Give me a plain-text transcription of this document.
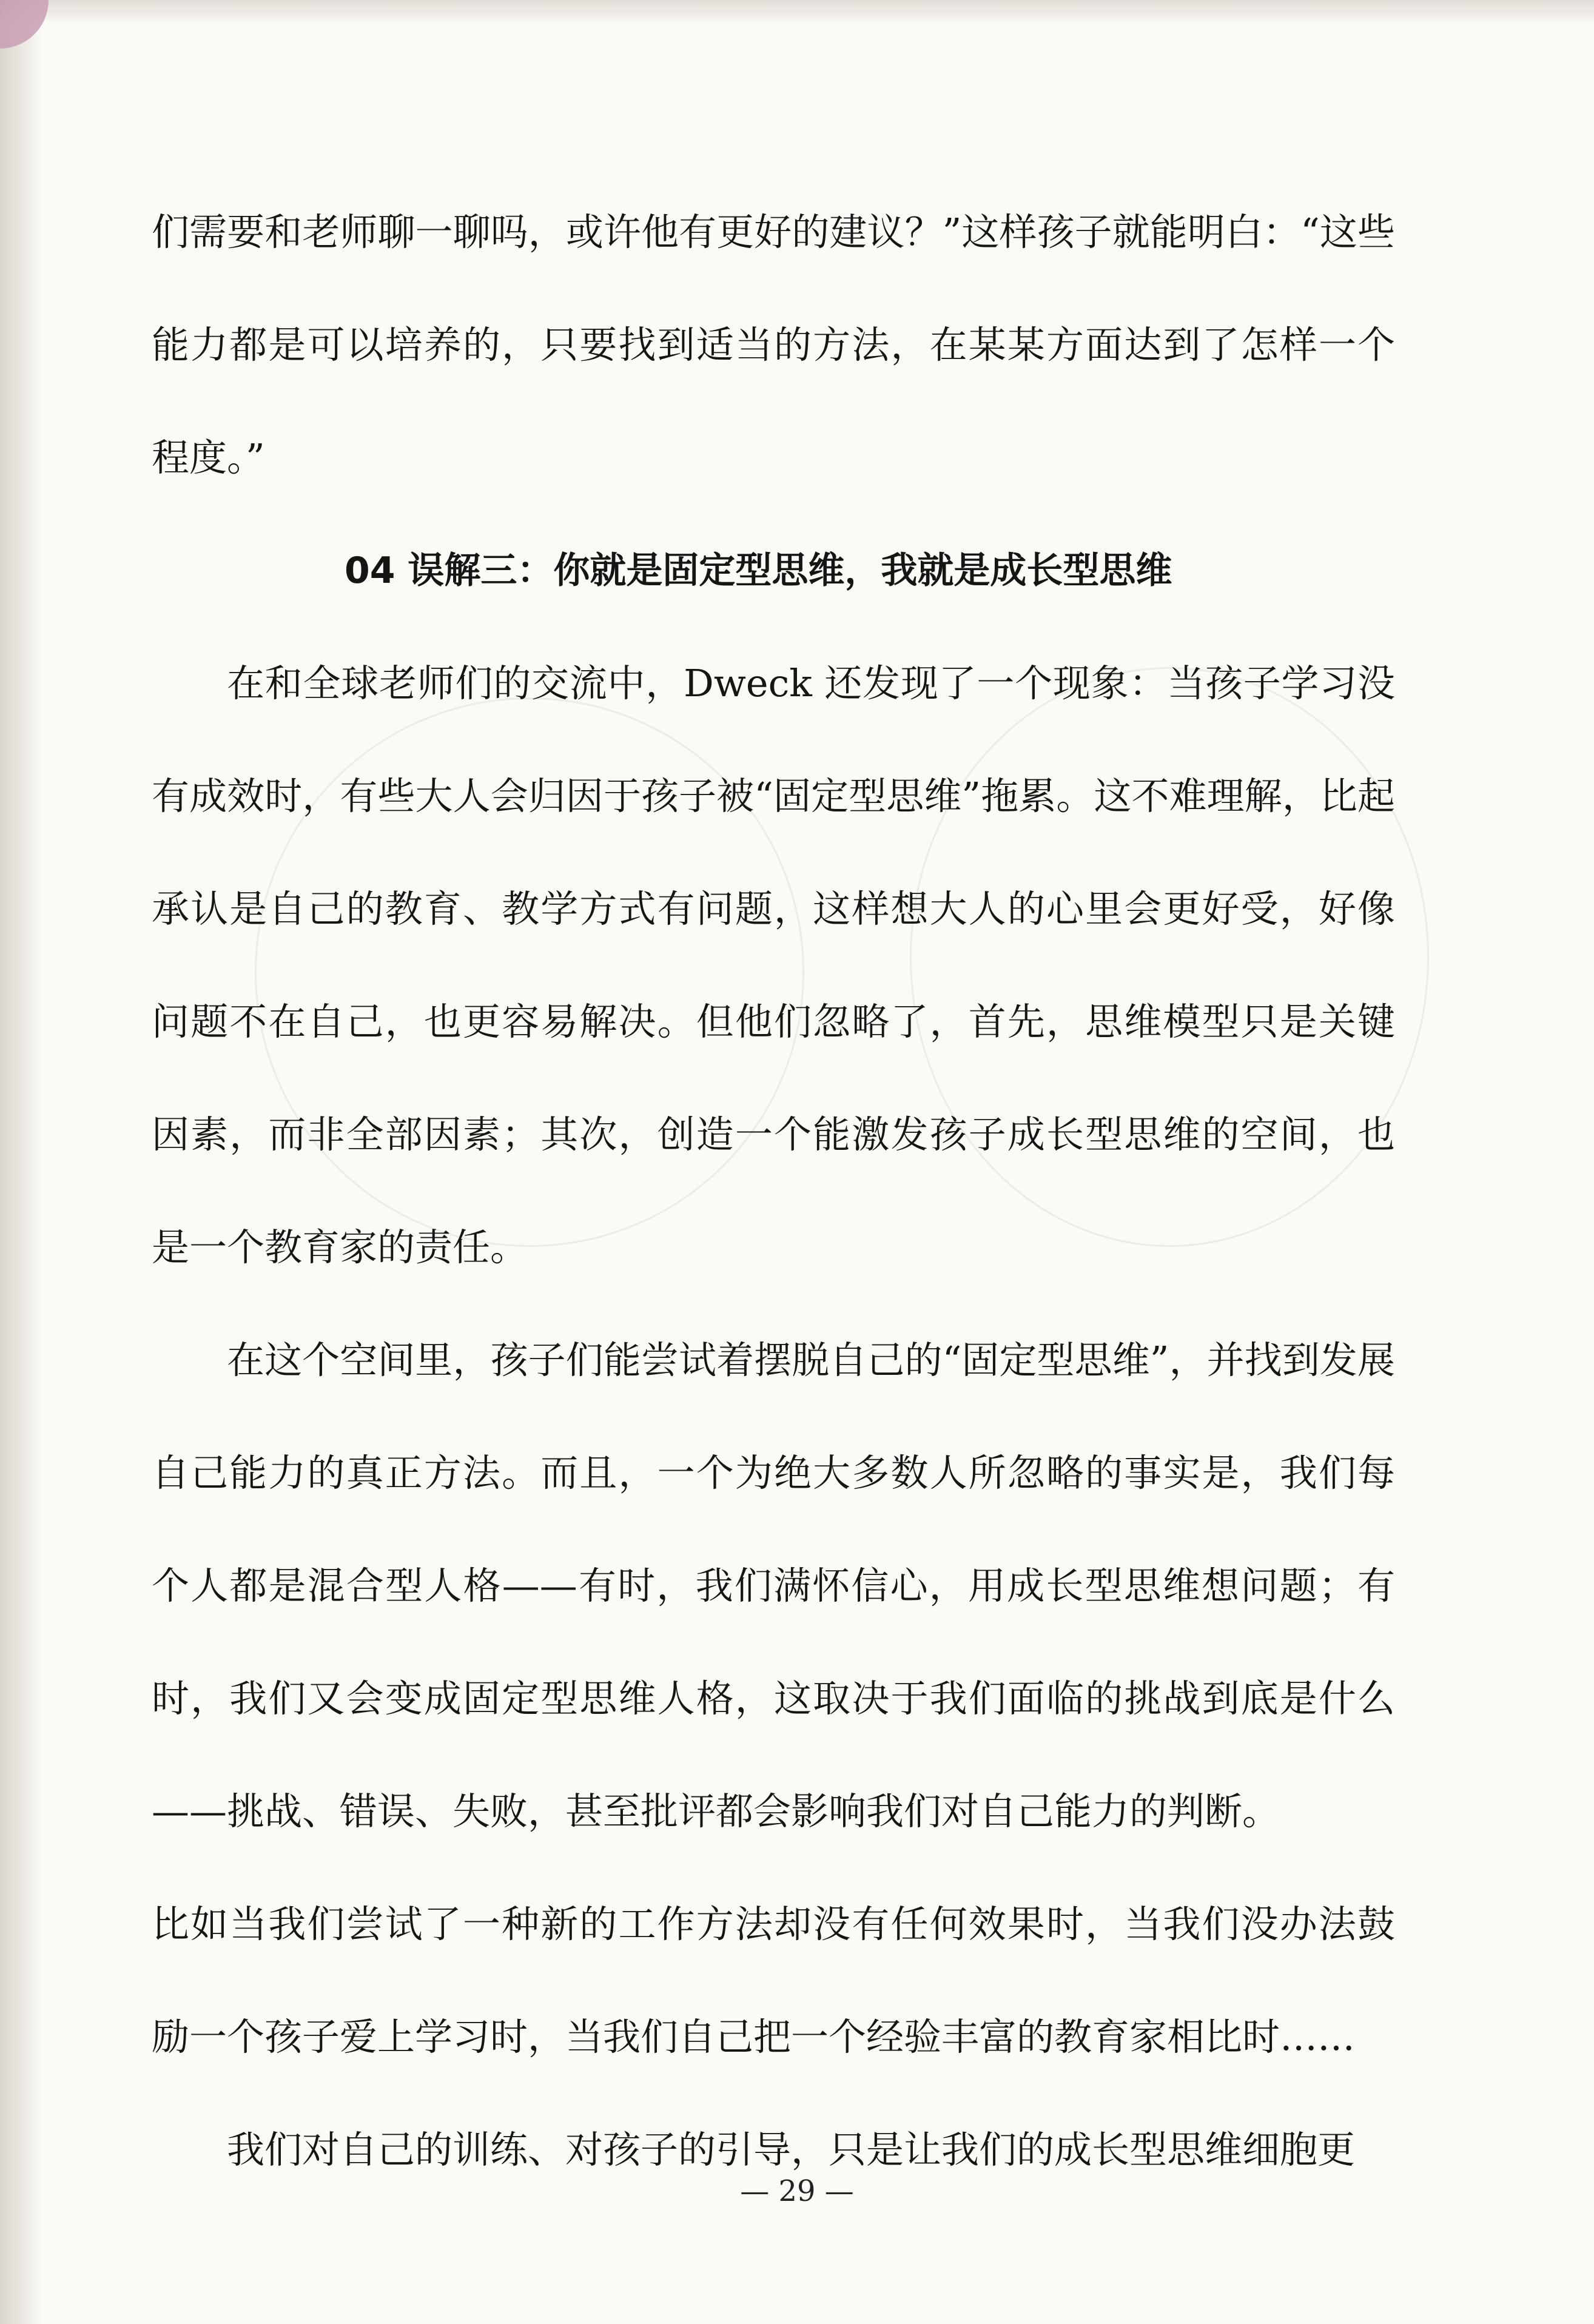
们需要和老师聊一聊吗，或许他有更好的建议？”这样孩子就能明白：“这些
能力都是可以培养的，只要找到适当的方法，在某某方面达到了怎样一个
程度。”
04 误解三：你就是固定型思维，我就是成长型思维
在和全球老师们的交流中，Dweck 还发现了一个现象：当孩子学习没
有成效时，有些大人会归因于孩子被“固定型思维”拖累。这不难理解，比起
承认是自己的教育、教学方式有问题，这样想大人的心里会更好受，好像
问题不在自己，也更容易解决。但他们忽略了，首先，思维模型只是关键
因素，而非全部因素；其次，创造一个能激发孩子成长型思维的空间，也
是一个教育家的责任。
在这个空间里，孩子们能尝试着摆脱自己的“固定型思维”，并找到发展
自己能力的真正方法。而且，一个为绝大多数人所忽略的事实是，我们每
个人都是混合型人格——有时，我们满怀信心，用成长型思维想问题；有
时，我们又会变成固定型思维人格，这取决于我们面临的挑战到底是什么
——挑战、错误、失败，甚至批评都会影响我们对自己能力的判断。
比如当我们尝试了一种新的工作方法却没有任何效果时，当我们没办法鼓
励一个孩子爱上学习时，当我们自己把一个经验丰富的教育家相比时……
我们对自己的训练、对孩子的引导，只是让我们的成长型思维细胞更
— 29 —
